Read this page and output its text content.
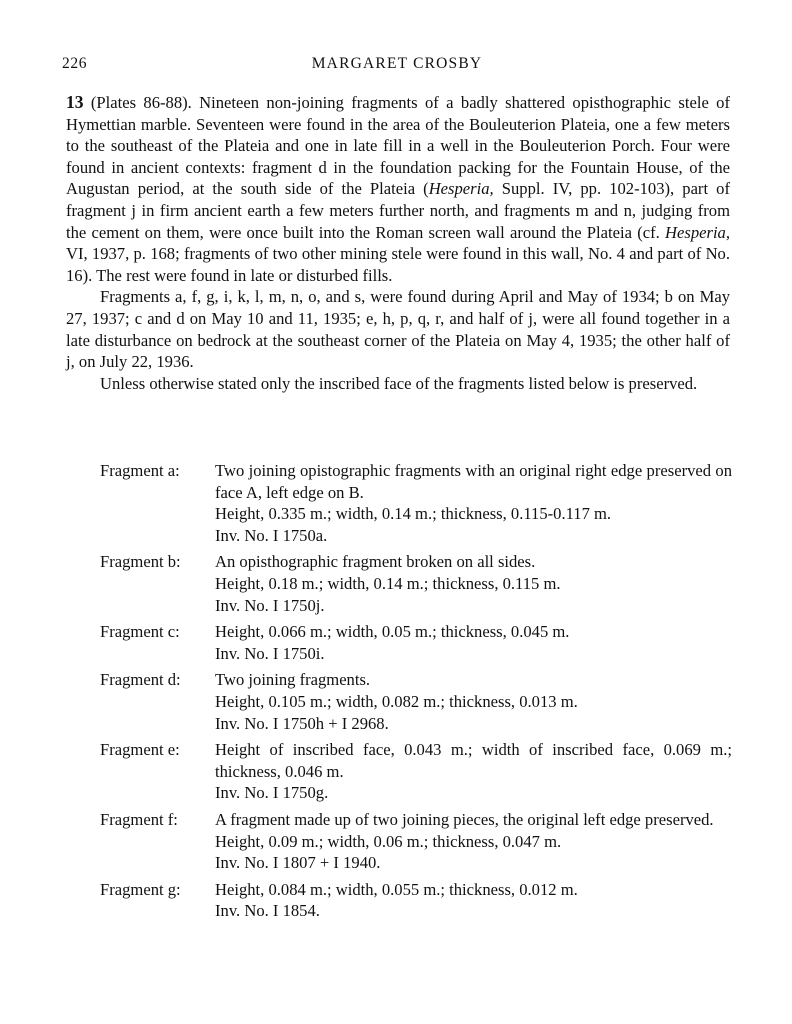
226	MARGARET CROSBY

13 (Plates 86-88). Nineteen non-joining fragments of a badly shattered opisthographic stele of Hymettian marble. Seventeen were found in the area of the Bouleuterion Plateia, one a few meters to the southeast of the Plateia and one in late fill in a well in the Bouleuterion Porch. Four were found in ancient contexts: fragment d in the foundation packing for the Fountain House, of the Augustan period, at the south side of the Plateia (Hesperia, Suppl. IV, pp. 102-103), part of fragment j in firm ancient earth a few meters further north, and fragments m and n, judging from the cement on them, were once built into the Roman screen wall around the Plateia (cf. Hesperia, VI, 1937, p. 168; fragments of two other mining stele were found in this wall, No. 4 and part of No. 16). The rest were found in late or disturbed fills.

Fragments a, f, g, i, k, l, m, n, o, and s, were found during April and May of 1934; b on May 27, 1937; c and d on May 10 and 11, 1935; e, h, p, q, r, and half of j, were all found together in a late disturbance on bedrock at the southeast corner of the Plateia on May 4, 1935; the other half of j, on July 22, 1936.

Unless otherwise stated only the inscribed face of the fragments listed below is preserved.

Fragment a:	Two joining opistographic fragments with an original right edge preserved on face A, left edge on B.
Height, 0.335 m.; width, 0.14 m.; thickness, 0.115-0.117 m.
Inv. No. I 1750a.
Fragment b:	An opisthographic fragment broken on all sides.
Height, 0.18 m.; width, 0.14 m.; thickness, 0.115 m.
Inv. No. I 1750j.
Fragment c:	Height, 0.066 m.; width, 0.05 m.; thickness, 0.045 m.
Inv. No. I 1750i.
Fragment d:	Two joining fragments.
Height, 0.105 m.; width, 0.082 m.; thickness, 0.013 m.
Inv. No. I 1750h + I 2968.
Fragment e:	Height of inscribed face, 0.043 m.; width of inscribed face, 0.069 m.; thickness, 0.046 m.
Inv. No. I 1750g.
Fragment f:	A fragment made up of two joining pieces, the original left edge preserved.
Height, 0.09 m.; width, 0.06 m.; thickness, 0.047 m.
Inv. No. I 1807 + I 1940.
Fragment g:	Height, 0.084 m.; width, 0.055 m.; thickness, 0.012 m.
Inv. No. I 1854.
